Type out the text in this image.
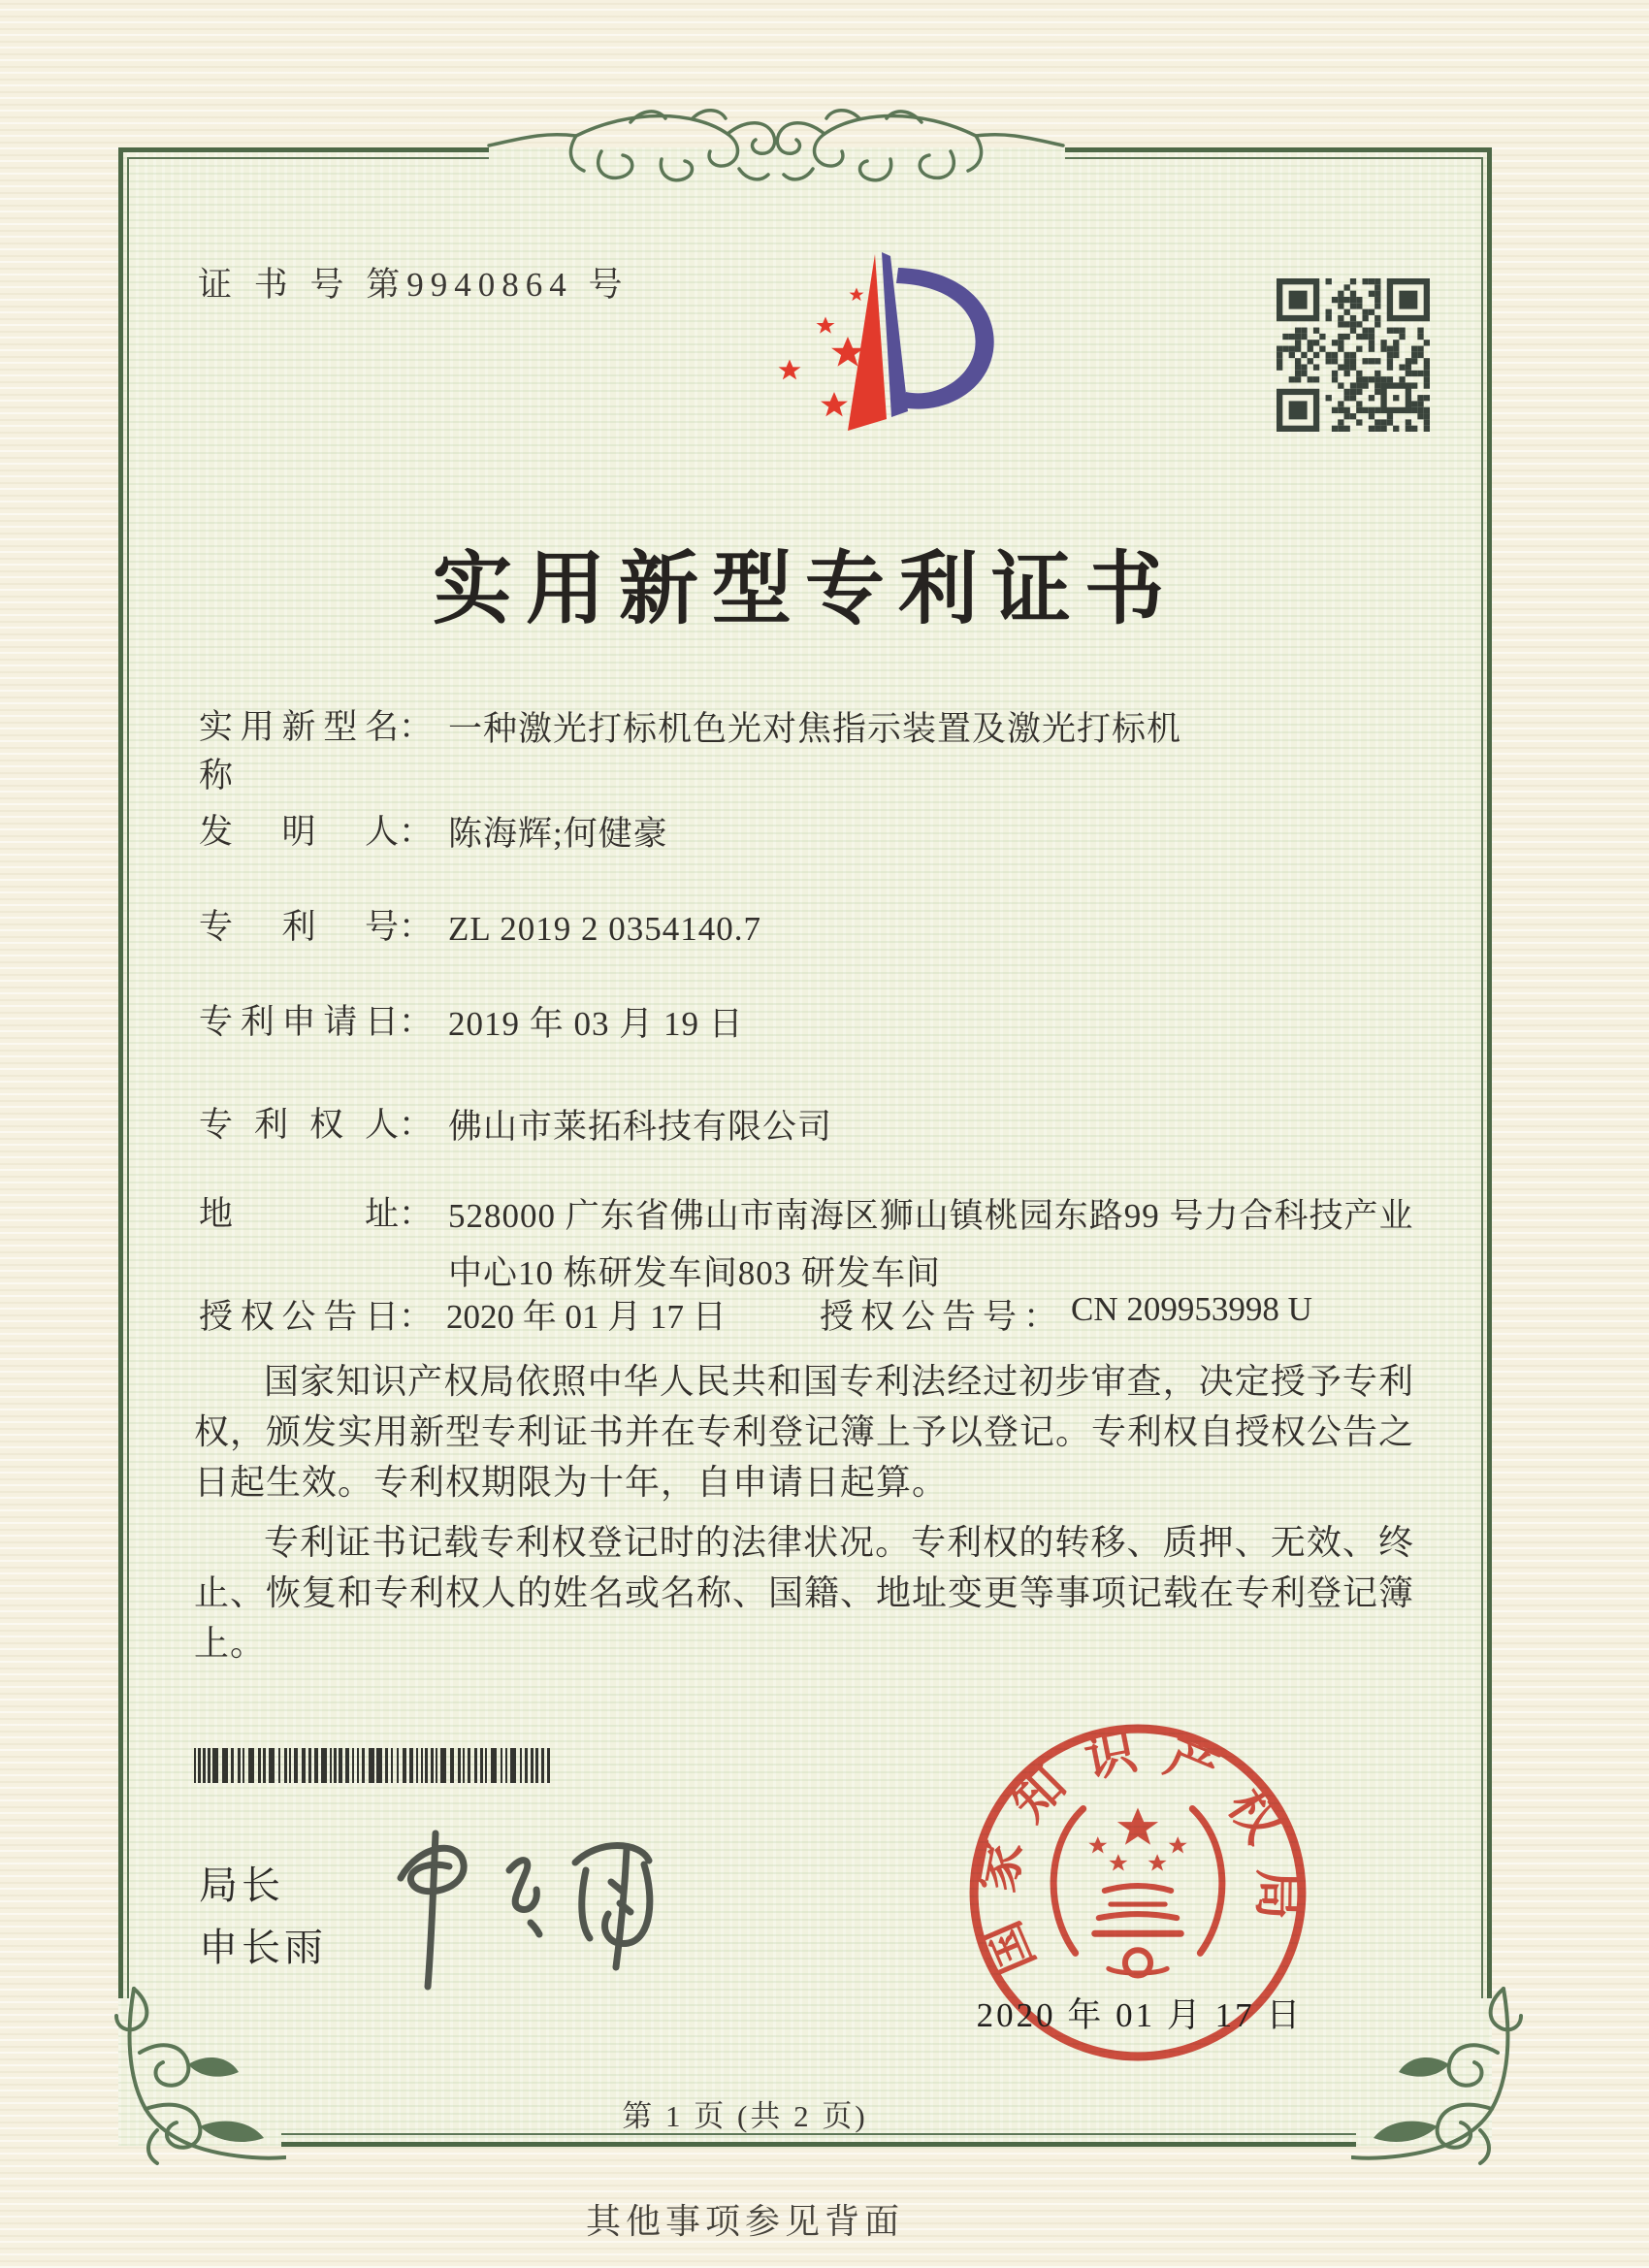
证 书 号 第9940864 号
实用新型专利证书
实用新型名称
： 一种激光打标机色光对焦指示装置及激光打标机
发明人 ： 陈海辉;何健豪
专利号 ： ZL 2019 2 0354140.7
专利申请日 ： 2019 年 03 月 19 日
专利权人 ： 佛山市莱拓科技有限公司
地址 ： 528000 广东省佛山市南海区狮山镇桃园东路99 号力合科技产业中心10 栋研发车间803 研发车间
授权公告日 ： 2020 年 01 月 17 日	授权公告号 ： CN 209953998 U

国家知识产权局依照中华人民共和国专利法经过初步审查，决定授予专利权，颁发实用新型专利证书并在专利登记簿上予以登记。专利权自授权公告之日起生效。专利权期限为十年，自申请日起算。

专利证书记载专利权登记时的法律状况。专利权的转移、质押、无效、终止、恢复和专利权人的姓名或名称、国籍、地址变更等事项记载在专利登记簿上。

局长
申长雨	国家知识产权局
2020 年 01 月 17 日
第 1 页 (共 2 页)
其他事项参见背面
